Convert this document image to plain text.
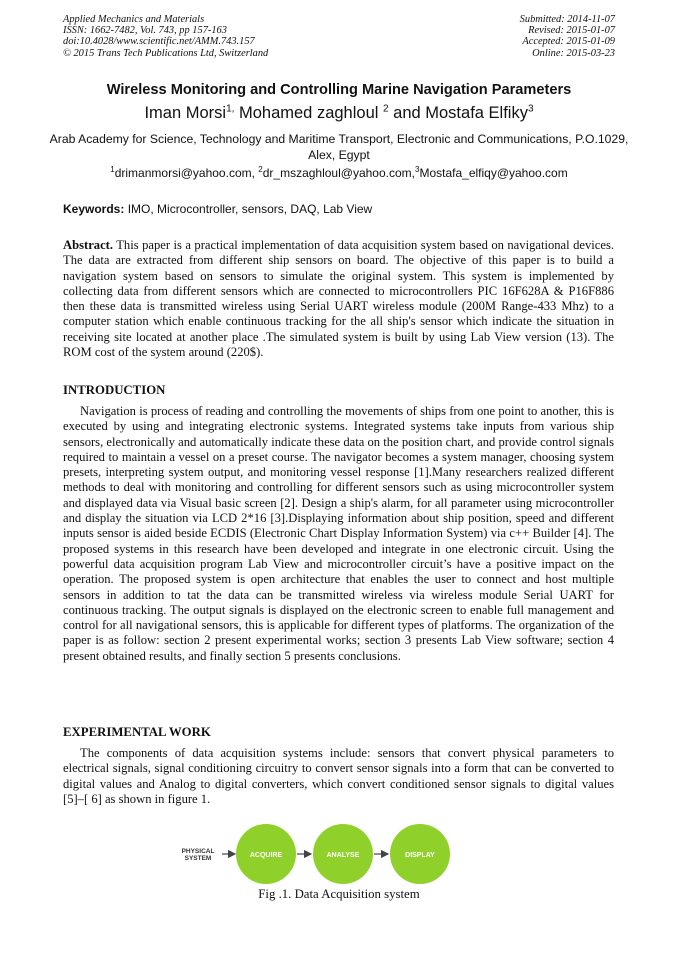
Applied Mechanics and Materials
ISSN: 1662-7482, Vol. 743, pp 157-163
doi:10.4028/www.scientific.net/AMM.743.157
© 2015 Trans Tech Publications Ltd, Switzerland
Submitted: 2014-11-07
Revised: 2015-01-07
Accepted: 2015-01-09
Online: 2015-03-23
Wireless Monitoring and Controlling Marine Navigation Parameters
Iman Morsi$^{1,}$ Mohamed zaghloul $^2$ and Mostafa Elfiky$^3$
Arab Academy for Science, Technology and Maritime Transport, Electronic and Communications, P.O.1029, Alex, Egypt
$^1$drimanmorsi@yahoo.com, $^2$dr_mszaghloul@yahoo.com,$^3$Mostafa_elfiqy@yahoo.com
Keywords: IMO, Microcontroller, sensors, DAQ, Lab View
Abstract. This paper is a practical implementation of data acquisition system based on navigational devices. The data are extracted from different ship sensors on board. The objective of this paper is to build a navigation system based on sensors to simulate the original system. This system is implemented by collecting data from different sensors which are connected to microcontrollers PIC 16F628A & P16F886 then these data is transmitted wireless using Serial UART wireless module (200M Range-433 Mhz) to a computer station which enable continuous tracking for the all ship's sensor which indicate the situation in receiving site located at another place .The simulated system is built by using Lab View version (13). The ROM cost of the system around (220$).
INTRODUCTION
Navigation is process of reading and controlling the movements of ships from one point to another, this is executed by using and integrating electronic systems. Integrated systems take inputs from various ship sensors, electronically and automatically indicate these data on the position chart, and provide control signals required to maintain a vessel on a preset course. The navigator becomes a system manager, choosing system presets, interpreting system output, and monitoring vessel response [1].Many researchers realized different methods to deal with monitoring and controlling for different sensors such as using microcontroller system and displayed data via Visual basic screen [2]. Design a ship's alarm, for all parameter using microcontroller and display the situation via LCD 2*16 [3].Displaying information about ship position, speed and different inputs sensor is aided beside ECDIS (Electronic Chart Display Information System) via c++ Builder [4]. The proposed systems in this research have been developed and integrate in one electronic circuit. Using the powerful data acquisition program Lab View and microcontroller circuit’s have a positive impact on the operation. The proposed system is open architecture that enables the user to connect and host multiple sensors in addition to tat the data can be transmitted wireless via wireless module Serial UART for continuous tracking. The output signals is displayed on the electronic screen to enable full management and control for all navigational sensors, this is applicable for different types of platforms. The organization of the paper is as follow: section 2 present experimental works; section 3 presents Lab View software; section 4 present obtained results, and finally section 5 presents conclusions.
EXPERIMENTAL WORK
The components of data acquisition systems include: sensors that convert physical parameters to electrical signals, signal conditioning circuitry to convert sensor signals into a form that can be converted to digital values and Analog to digital converters, which convert conditioned sensor signals to digital values [5]–[ 6] as shown in figure 1.
PHYSICAL
SYSTEM	ACQUIRE	ANALYSE	DISPLAY
Fig .1. Data Acquisition system
